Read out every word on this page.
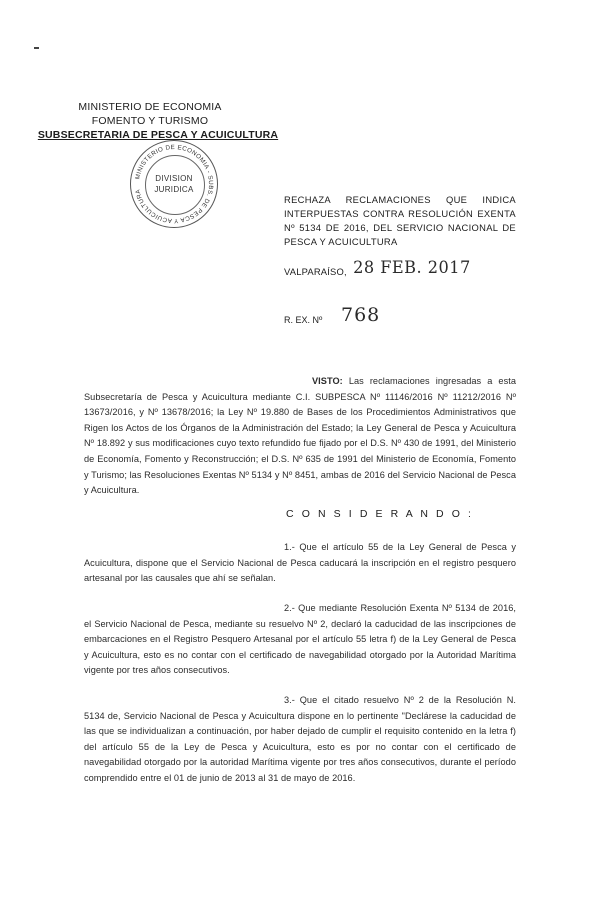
MINISTERIO DE ECONOMIA
FOMENTO Y TURISMO
SUBSECRETARIA DE PESCA Y ACUICULTURA
MINISTERIO DE ECONOMIA - SUBS. DE PESCA Y ACUICULTURA
DIVISION
JURIDICA
RECHAZA RECLAMACIONES QUE INDICA INTERPUESTAS CONTRA RESOLUCIÓN EXENTA Nº 5134 DE 2016, DEL SERVICIO NACIONAL DE PESCA Y ACUICULTURA
VALPARAÍSO, 28 FEB. 2017
R. EX. Nº 768
VISTO: Las reclamaciones ingresadas a esta Subsecretaría de Pesca y Acuicultura mediante C.I. SUBPESCA Nº 11146/2016 Nº 11212/2016 Nº 13673/2016, y Nº 13678/2016; la Ley Nº 19.880 de Bases de los Procedimientos Administrativos que Rigen los Actos de los Órganos de la Administración del Estado; la Ley General de Pesca y Acuicultura Nº 18.892 y sus modificaciones cuyo texto refundido fue fijado por el D.S. Nº 430 de 1991, del Ministerio de Economía, Fomento y Reconstrucción; el D.S. Nº 635 de 1991 del Ministerio de Economía, Fomento y Turismo; las Resoluciones Exentas Nº 5134 y Nº 8451, ambas de 2016 del Servicio Nacional de Pesca y Acuicultura.
C O N S I D E R A N D O :
1.- Que el artículo 55 de la Ley General de Pesca y Acuicultura, dispone que el Servicio Nacional de Pesca caducará la inscripción en el registro pesquero artesanal por las causales que ahí se señalan.
2.- Que mediante Resolución Exenta Nº 5134 de 2016, el Servicio Nacional de Pesca, mediante su resuelvo Nº 2, declaró la caducidad de las inscripciones de embarcaciones en el Registro Pesquero Artesanal por el artículo 55 letra f) de la Ley General de Pesca y Acuicultura, esto es no contar con el certificado de navegabilidad otorgado por la Autoridad Marítima vigente por tres años consecutivos.
3.- Que el citado resuelvo Nº 2 de la Resolución N. 5134 de, Servicio Nacional de Pesca y Acuicultura dispone en lo pertinente "Declárese la caducidad de las que se individualizan a continuación, por haber dejado de cumplir el requisito contenido en la letra f) del artículo 55 de la Ley de Pesca y Acuicultura, esto es por no contar con el certificado de navegabilidad otorgado por la autoridad Marítima vigente por tres años consecutivos, durante el período comprendido entre el 01 de junio de 2013 al 31 de mayo de 2016.
